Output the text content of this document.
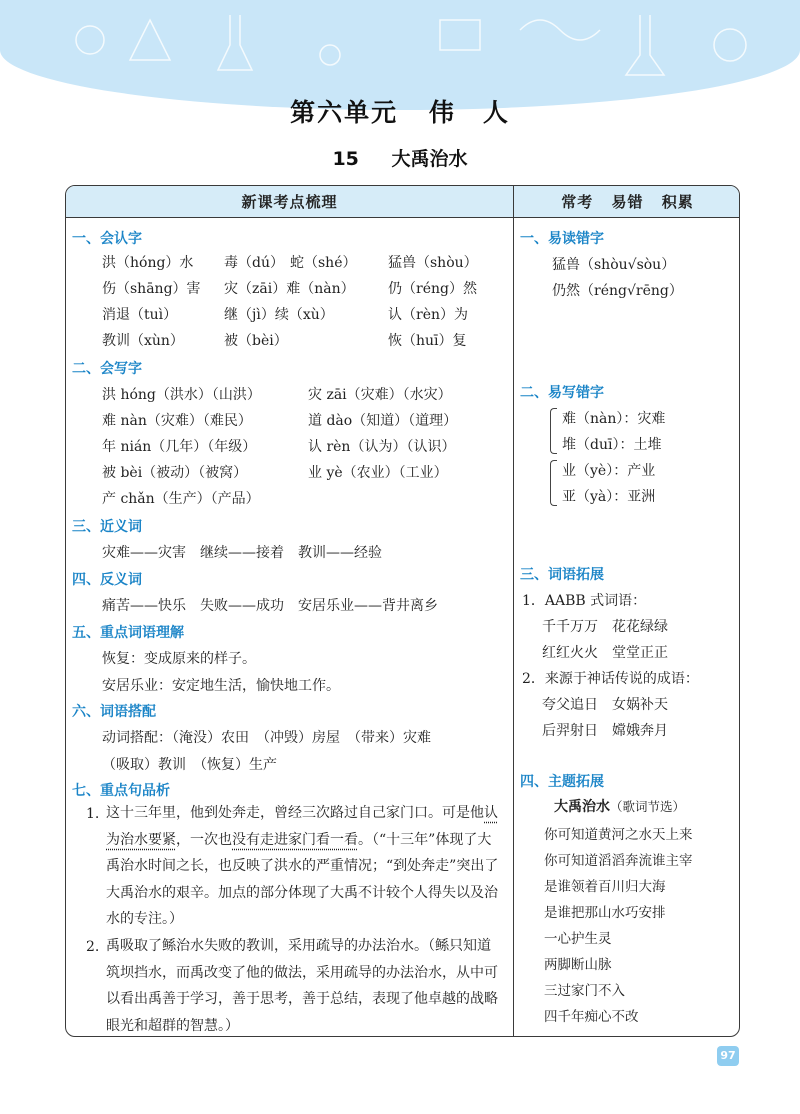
第六单元 伟　人
15 大禹治水
新课考点梳理
一、会认字
洪（hóng）水 毒（dú） 蛇（shé） 猛兽（shòu）
伤（shāng）害 灾（zāi）难（nàn） 仍（réng）然
消退（tuì）	继（jì）续（xù）	认（rèn）为
教训（xùn）	被（bèi）	恢（huī）复
二、会写字
洪 hóng（洪水）（山洪）	灾 zāi（灾难）（水灾）
难 nàn（灾难）（难民）	道 dào（知道）（道理）
年 nián（几年）（年级）	认 rèn（认为）（认识）
被 bèi（被动）（被窝）	业 yè（农业）（工业）
产 chǎn（生产）（产品）
三、近义词
灾难——灾害　继续——接着　教训——经验
四、反义词
痛苦——快乐　失败——成功　安居乐业——背井离乡
五、重点词语理解
恢复：变成原来的样子。
安居乐业：安定地生活，愉快地工作。
六、词语搭配
动词搭配：（淹没）农田　（冲毁）房屋　（带来）灾难
（吸取）教训　（恢复）生产
七、重点句品析
1. 这十三年里，他到处奔走，曾经三次路过自己家门口。可是他认为治水要紧，一次也没有走进家门看一看。（“十三年”体现了大禹治水时间之长，也反映了洪水的严重情况；“到处奔走”突出了大禹治水的艰辛。加点的部分体现了大禹不计较个人得失以及治水的专注。）
2. 禹吸取了鲧治水失败的教训，采用疏导的办法治水。（鲧只知道筑坝挡水，而禹改变了他的做法，采用疏导的办法治水，从中可以看出禹善于学习，善于思考，善于总结，表现了他卓越的战略眼光和超群的智慧。）
常考 易错 积累
一、易读错字
猛兽（shòu√sòu）
仍然（réng√rēng）
二、易写错字
难（nàn）：灾难
堆（duī）：土堆
业（yè）：产业
亚（yà）：亚洲
三、词语拓展
1．AABB 式词语：
千千万万　花花绿绿
红红火火　堂堂正正
2．来源于神话传说的成语：
夸父追日　女娲补天
后羿射日　嫦娥奔月
四、主题拓展
大禹治水（歌词节选）
你可知道黄河之水天上来
你可知道滔滔奔流谁主宰
是谁领着百川归大海
是谁把那山水巧安排
一心护生灵
两脚断山脉
三过家门不入
四千年痴心不改
97
